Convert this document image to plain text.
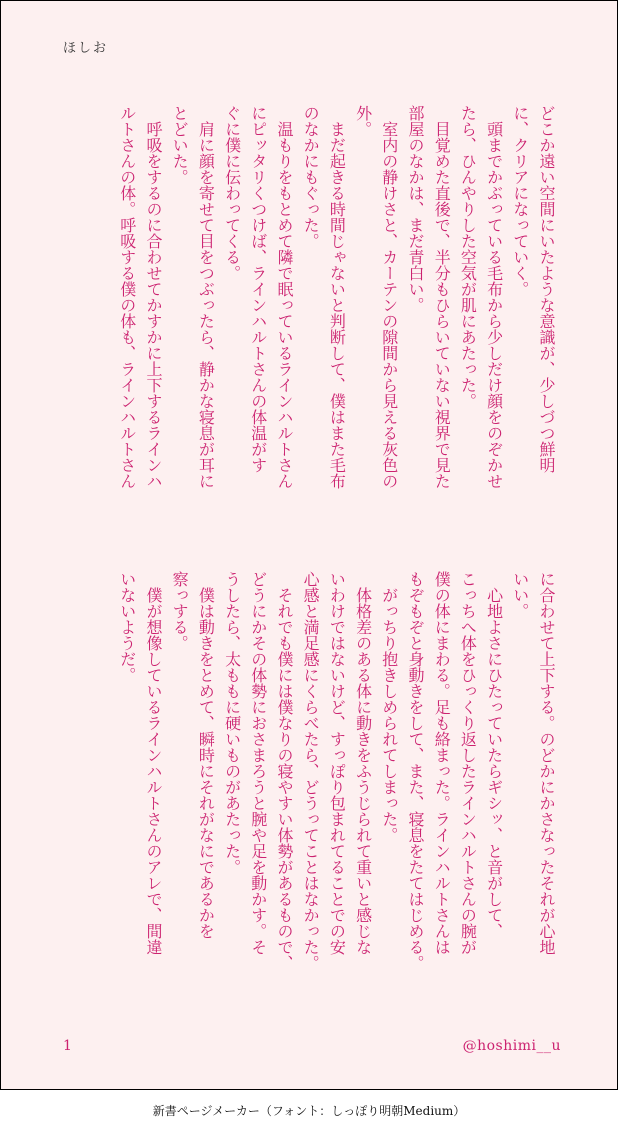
ほしお
どこか遠い空間にいたような意識が、少しづつ鮮明
に、クリアになっていく。
　頭までかぶっている毛布から少しだけ顔をのぞかせ
たら、ひんやりした空気が肌にあたった。
　目覚めた直後で、半分もひらいていない視界で見た
部屋のなかは、まだ青白い。
　室内の静けさと、カーテンの隙間から見える灰色の
外。
　まだ起きる時間じゃないと判断して、僕はまた毛布
のなかにもぐった。
　温もりをもとめて隣で眠っているラインハルトさん
にピッタリくつけば、ラインハルトさんの体温がす
ぐに僕に伝わってくる。
　肩に顔を寄せて目をつぶったら、静かな寝息が耳に
とどいた。
　呼吸をするのに合わせてかすかに上下するラインハ
ルトさんの体。呼吸する僕の体も、ラインハルトさん
に合わせて上下する。のどかにかさなったそれが心地
いい。
　心地よさにひたっていたらギシッ、と音がして、
こっちへ体をひっくり返したラインハルトさんの腕が
僕の体にまわる。足も絡まった。ラインハルトさんは
もぞもぞと身動きをして、また、寝息をたてはじめる。
　がっちり抱きしめられてしまった。
　体格差のある体に動きをふうじられて重いと感じな
いわけではないけど、すっぽり包まれてることでの安
心感と満足感にくらべたら、どうってことはなかった。
　それでも僕には僕なりの寝やすい体勢があるもので、
どうにかその体勢におさまろうと腕や足を動かす。そ
うしたら、太ももに硬いものがあたった。
　僕は動きをとめて、瞬時にそれがなにであるかを
察っする。
　僕が想像しているラインハルトさんのアレで、間違
いないようだ。
1	@hoshimi__u
新書ページメーカー（フォント：しっぽり明朝Medium）
